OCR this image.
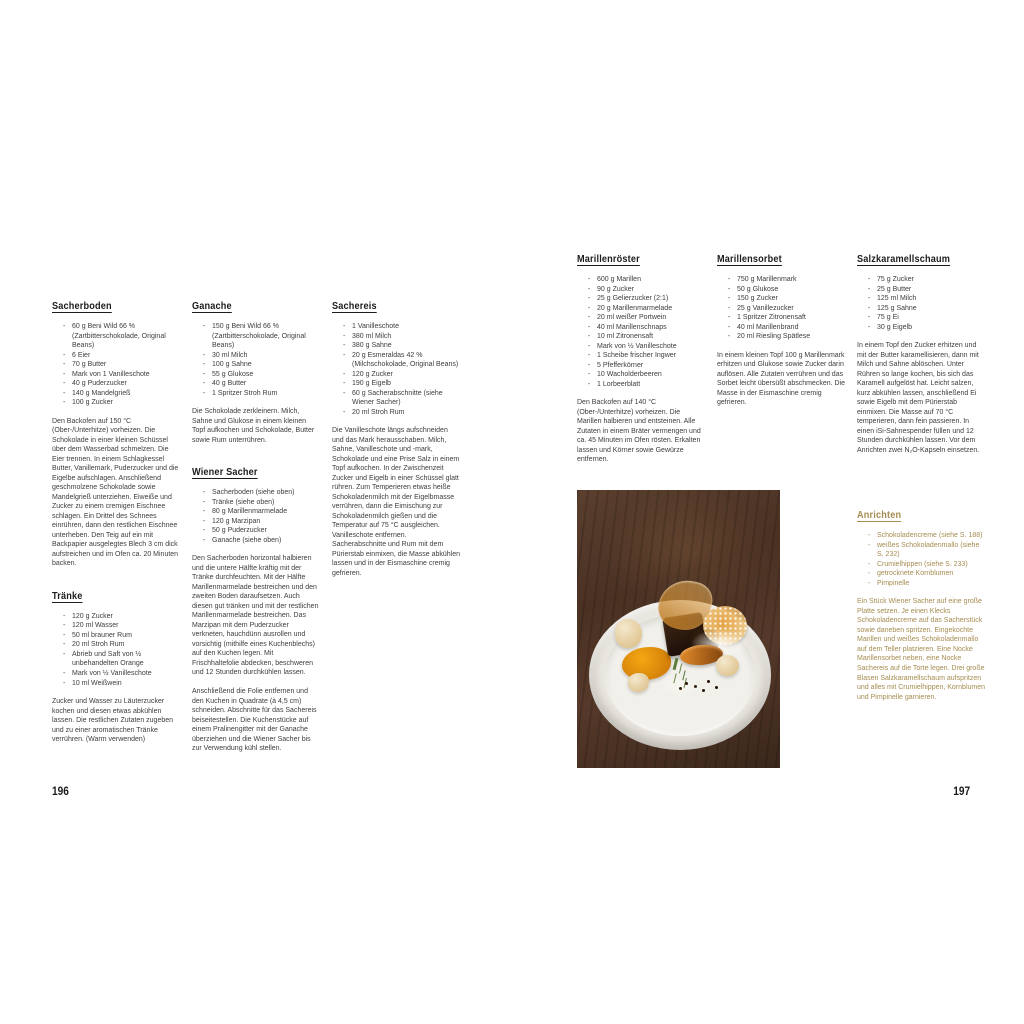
Sacherboden
- 60 g Beni Wild 66 % (Zartbitterschokolade, Original Beans)
- 6 Eier
- 70 g Butter
- Mark von 1 Vanilleschote
- 40 g Puderzucker
- 140 g Mandelgrieß
- 100 g Zucker

Den Backofen auf 150 °C (Ober-/Unterhitze) vorheizen. Die Schokolade in einer kleinen Schüssel über dem Wasserbad schmelzen. Die Eier trennen. In einem Schlagkessel Butter, Vanillemark, Puderzucker und die Eigelbe aufschlagen. Anschließend geschmolzene Schokolade sowie Mandelgrieß unterziehen. Eiweiße und Zucker zu einem cremigen Eischnee schlagen. Ein Drittel des Schnees einrühren, dann den restlichen Eischnee unterheben. Den Teig auf ein mit Backpapier ausgelegtes Blech 3 cm dick aufstreichen und im Ofen ca. 20 Minuten backen.

Tränke
- 120 g Zucker
- 120 ml Wasser
- 50 ml brauner Rum
- 20 ml Stroh Rum
- Abrieb und Saft von ½ unbehandelten Orange
- Mark von ½ Vanilleschote
- 10 ml Weißwein

Zucker und Wasser zu Läuterzucker kochen und diesen etwas abkühlen lassen. Die restlichen Zutaten zugeben und zu einer aromatischen Tränke verrühren. (Warm verwenden)

Ganache
- 150 g Beni Wild 66 % (Zartbitterschokolade, Original Beans)
- 30 ml Milch
- 100 g Sahne
- 55 g Glukose
- 40 g Butter
- 1 Spritzer Stroh Rum

Die Schokolade zerkleinern. Milch, Sahne und Glukose in einem kleinen Topf aufkochen und Schokolade, Butter sowie Rum unterrühren.

Wiener Sacher
- Sacherboden (siehe oben)
- Tränke (siehe oben)
- 80 g Marillenmarmelade
- 120 g Marzipan
- 50 g Puderzucker
- Ganache (siehe oben)

Den Sacherboden horizontal halbieren und die untere Hälfte kräftig mit der Tränke durchfeuchten. Mit der Hälfte Marillenmarmelade bestreichen und den zweiten Boden daraufsetzen. Auch diesen gut tränken und mit der restlichen Marillenmarmelade bestreichen. Das Marzipan mit dem Puderzucker verkneten, hauchdünn ausrollen und vorsichtig (mithilfe eines Kuchenblechs) auf den Kuchen legen. Mit Frischhaltefolie abdecken, beschweren und 12 Stunden durchkühlen lassen.

Anschließend die Folie entfernen und den Kuchen in Quadrate (à 4,5 cm) schneiden. Abschnitte für das Sachereis beiseitestellen. Die Kuchenstücke auf einem Pralinengitter mit der Ganache überziehen und die Wiener Sacher bis zur Verwendung kühl stellen.

Sachereis
- 1 Vanilleschote
- 380 ml Milch
- 380 g Sahne
- 20 g Esmeraldas 42 % (Milchschokolade, Original Beans)
- 120 g Zucker
- 190 g Eigelb
- 60 g Sacherabschnitte (siehe Wiener Sacher)
- 20 ml Stroh Rum

Die Vanilleschote längs aufschneiden und das Mark herausschaben. Milch, Sahne, Vanilleschote und -mark, Schokolade und eine Prise Salz in einem Topf aufkochen. In der Zwischenzeit Zucker und Eigelb in einer Schüssel glatt rühren. Zum Temperieren etwas heiße Schokoladenmilch mit der Eigelbmasse verrühren, dann die Eimischung zur Schokoladenmilch gießen und die Temperatur auf 75 °C ausgleichen. Vanilleschote entfernen. Sacherabschnitte und Rum mit dem Pürierstab einmixen, die Masse abkühlen lassen und in der Eismaschine cremig gefrieren.

Marillenröster
- 600 g Marillen
- 90 g Zucker
- 25 g Gelierzucker (2:1)
- 20 g Marillenmarmelade
- 20 ml weißer Portwein
- 40 ml Marillenschnaps
- 10 ml Zitronensaft
- Mark von ½ Vanilleschote
- 1 Scheibe frischer Ingwer
- 5 Pfefferkörner
- 10 Wacholderbeeren
- 1 Lorbeerblatt

Den Backofen auf 140 °C (Ober-/Unterhitze) vorheizen. Die Marillen halbieren und entsteinen. Alle Zutaten in einem Bräter vermengen und ca. 45 Minuten im Ofen rösten. Erkalten lassen und Körner sowie Gewürze entfernen.

Marillensorbet
- 750 g Marillenmark
- 50 g Glukose
- 150 g Zucker
- 25 g Vanillezucker
- 1 Spritzer Zitronensaft
- 40 ml Marillenbrand
- 20 ml Riesling Spätlese

In einem kleinen Topf 100 g Marillenmark erhitzen und Glukose sowie Zucker darin auflösen. Alle Zutaten verrühren und das Sorbet leicht übersüßt abschmecken. Die Masse in der Eismaschine cremig gefrieren.

Salzkaramellschaum
- 75 g Zucker
- 25 g Butter
- 125 ml Milch
- 125 g Sahne
- 75 g Ei
- 30 g Eigelb

In einem Topf den Zucker erhitzen und mit der Butter karamellisieren, dann mit Milch und Sahne ablöschen. Unter Rühren so lange kochen, bis sich das Karamell aufgelöst hat. Leicht salzen, kurz abkühlen lassen, anschließend Ei sowie Eigelb mit dem Pürierstab einmixen. Die Masse auf 70 °C temperieren, dann fein passieren. In einen iSi-Sahnespender füllen und 12 Stunden durchkühlen lassen. Vor dem Anrichten zwei N₂O-Kapseln einsetzen.

Anrichten
- Schokoladencreme (siehe S. 188)
- weißes Schokoladenmallo (siehe S. 232)
- Crumielhippen (siehe S. 233)
- getrocknete Kornblumen
- Pimpinelle

Ein Stück Wiener Sacher auf eine große Platte setzen. Je einen Klecks Schokoladencreme auf das Sacherstück sowie daneben spritzen. Eingekochte Marillen und weißes Schokoladenmallo auf dem Teller platzieren. Eine Nocke Marillensorbet neben, eine Nocke Sachereis auf die Torte legen. Drei große Blasen Salzkaramellschaum aufspritzen und alles mit Crumielhippen, Kornblumen und Pimpinelle garnieren.

196	197
